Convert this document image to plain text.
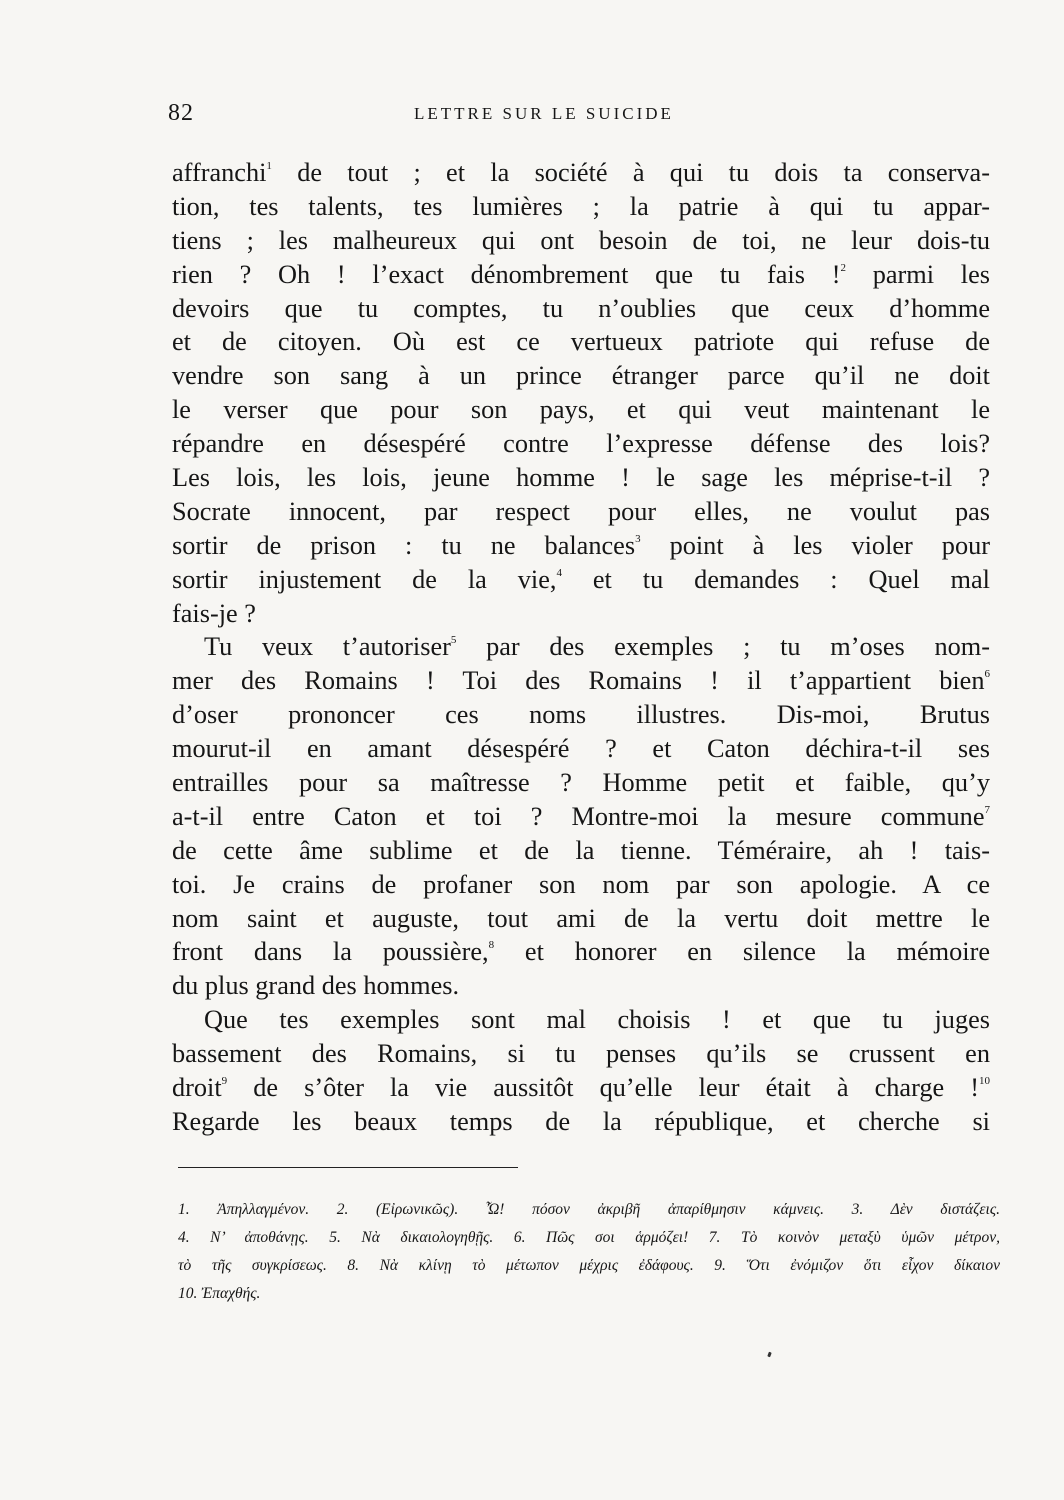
82	LETTRE SUR LE SUICIDE
affranchi$^1$ de tout ; et la société à qui tu dois ta conserva-
tion, tes talents, tes lumières ; la patrie à qui tu appar-
tiens ; les malheureux qui ont besoin de toi, ne leur dois-tu
rien ? Oh ! l’exact dénombrement que tu fais !$^2$ parmi les
devoirs que tu comptes, tu n’oublies que ceux d’homme
et de citoyen. Où est ce vertueux patriote qui refuse de
vendre son sang à un prince étranger parce qu’il ne doit
le verser que pour son pays, et qui veut maintenant le
répandre en désespéré contre l’expresse défense des lois?
Les lois, les lois, jeune homme ! le sage les méprise-t-il ?
Socrate innocent, par respect pour elles, ne voulut pas
sortir de prison : tu ne balances$^3$ point à les violer pour
sortir injustement de la vie,$^4$ et tu demandes : Quel mal
fais-je ?
Tu veux t’autoriser$^5$ par des exemples ; tu m’oses nom-
mer des Romains ! Toi des Romains ! il t’appartient bien$^6$
d’oser prononcer ces noms illustres. Dis-moi, Brutus
mourut-il en amant désespéré ? et Caton déchira-t-il ses
entrailles pour sa maîtresse ? Homme petit et faible, qu’y
a-t-il entre Caton et toi ? Montre-moi la mesure commune$^7$
de cette âme sublime et de la tienne. Téméraire, ah ! tais-
toi. Je crains de profaner son nom par son apologie. A ce
nom saint et auguste, tout ami de la vertu doit mettre le
front dans la poussière,$^8$ et honorer en silence la mémoire
du plus grand des hommes.
Que tes exemples sont mal choisis ! et que tu juges
bassement des Romains, si tu penses qu’ils se crussent en
droit$^9$ de s’ôter la vie aussitôt qu’elle leur était à charge !$^{10}$
Regarde les beaux temps de la république, et cherche si
1. Ἀπηλλαγμένον. 2. (Εἰρωνικῶς). Ὦ! πόσον ἀκριβῆ ἀπαρίθμησιν κάμνεις. 3. Δὲν διστάζεις.
4. Ν’ ἀποθάνῃς. 5. Νὰ δικαιολογηθῇς. 6. Πῶς σοι ἁρμόζει! 7. Τὸ κοινὸν μεταξὺ ὑμῶν μέτρον,
τὸ τῆς συγκρίσεως. 8. Νὰ κλίνῃ τὸ μέτωπον μέχρις ἐδάφους. 9. Ὅτι ἐνόμιζον ὅτι εἶχον δίκαιον
10. Ἐπαχθής.
